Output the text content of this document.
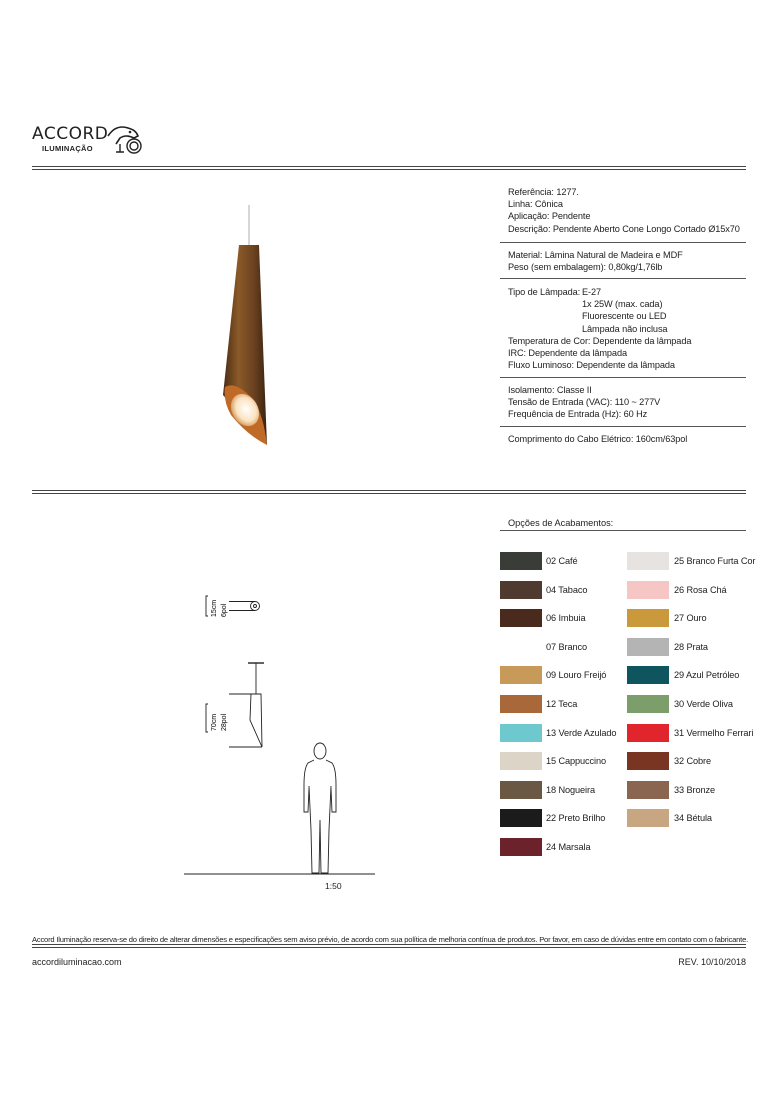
ACCORD
ILUMINAÇÃO
Referência: 1277.
Linha: Cônica
Aplicação: Pendente
Descrição: Pendente Aberto Cone Longo Cortado Ø15x70
Material: Lâmina Natural de Madeira e MDF
Peso (sem embalagem): 0,80kg/1,76lb
Tipo de Lâmpada: E-27
1x 25W (max. cada)
Fluorescente ou LED
Lâmpada não inclusa
Temperatura de Cor: Dependente da lâmpada
IRC: Dependente da lâmpada
Fluxo Luminoso: Dependente da lâmpada
Isolamento: Classe II
Tensão de Entrada (VAC): 110 ~ 277V
Frequência de Entrada (Hz): 60 Hz
Comprimento do Cabo Elétrico: 160cm/63pol
Opções de Acabamentos:
02 Café
04 Tabaco
06 Imbuia
07 Branco
09 Louro Freijó
12 Teca
13 Verde Azulado
15 Cappuccino
18 Nogueira
22 Preto Brilho
24 Marsala
25 Branco Furta Cor
26 Rosa Chá
27 Ouro
28 Prata
29 Azul Petróleo
30 Verde Oliva
31 Vermelho Ferrari
32 Cobre
33 Bronze
34 Bétula
15cm 6pol
70cm 28pol
1:50
Accord Iluminação reserva-se do direito de alterar dimensões e especificações sem aviso prévio, de acordo com sua política de melhoria contínua de produtos. Por favor, em caso de dúvidas entre em contato com o fabricante.
accordiluminacao.com	REV. 10/10/2018
